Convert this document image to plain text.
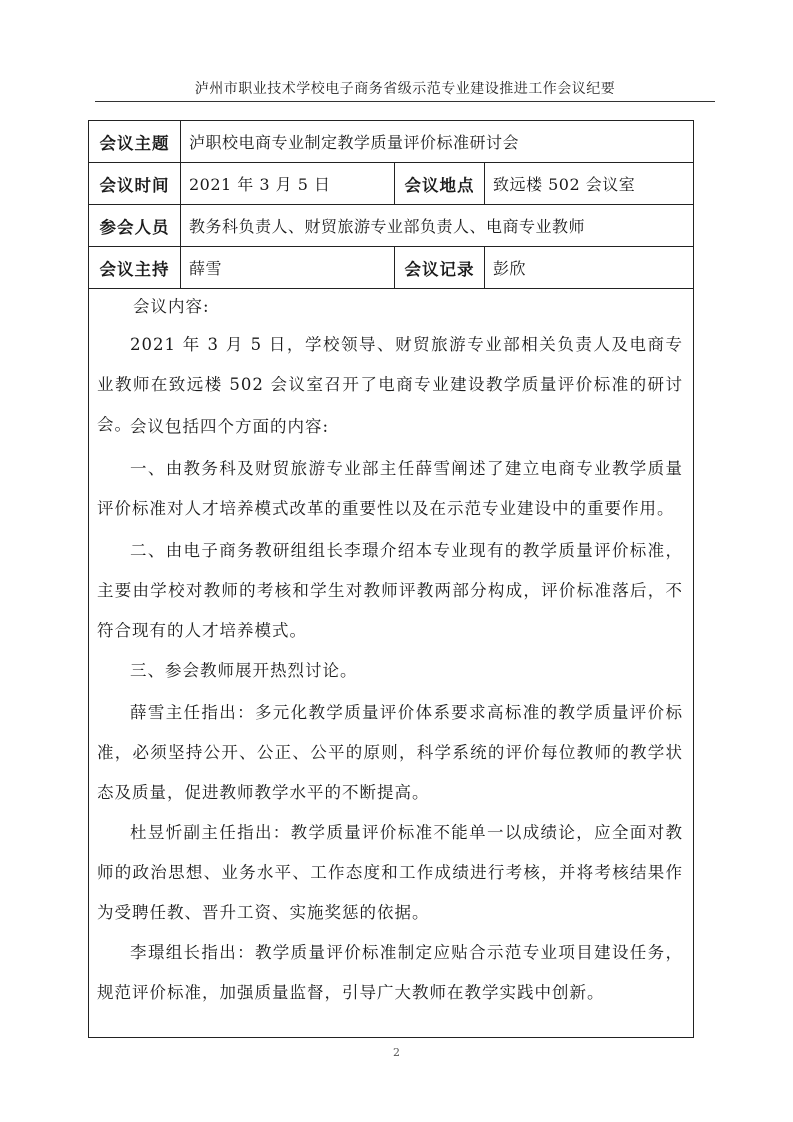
泸州市职业技术学校电子商务省级示范专业建设推进工作会议纪要
会议主题	泸职校电商专业制定教学质量评价标准研讨会
会议时间	2021 年 3 月 5 日	会议地点	致远楼 502 会议室
参会人员	教务科负责人、财贸旅游专业部负责人、电商专业教师
会议主持	薛雪	会议记录	彭欣
会议内容:
2021 年 3 月 5 日，学校领导、财贸旅游专业部相关负责人及电商专业教师在致远楼 502 会议室召开了电商专业建设教学质量评价标准的研讨会。
会议包括四个方面的内容:
一、由教务科及财贸旅游专业部主任薛雪阐述了建立电商专业教学质量评价标准对人才培养模式改革的重要性以及在示范专业建设中的重要作用。
二、由电子商务教研组组长李璟介绍本专业现有的教学质量评价标准，主要由学校对教师的考核和学生对教师评教两部分构成，评价标准落后，不符合现有的人才培养模式。
三、参会教师展开热烈讨论。
薛雪主任指出：多元化教学质量评价体系要求高标准的教学质量评价标准，必须坚持公开、公正、公平的原则，科学系统的评价每位教师的教学状态及质量，促进教师教学水平的不断提高。
杜昱忻副主任指出：教学质量评价标准不能单一以成绩论，应全面对教师的政治思想、业务水平、工作态度和工作成绩进行考核，并将考核结果作为受聘任教、晋升工资、实施奖惩的依据。
李璟组长指出：教学质量评价标准制定应贴合示范专业项目建设任务，规范评价标准，加强质量监督，引导广大教师在教学实践中创新。
2
